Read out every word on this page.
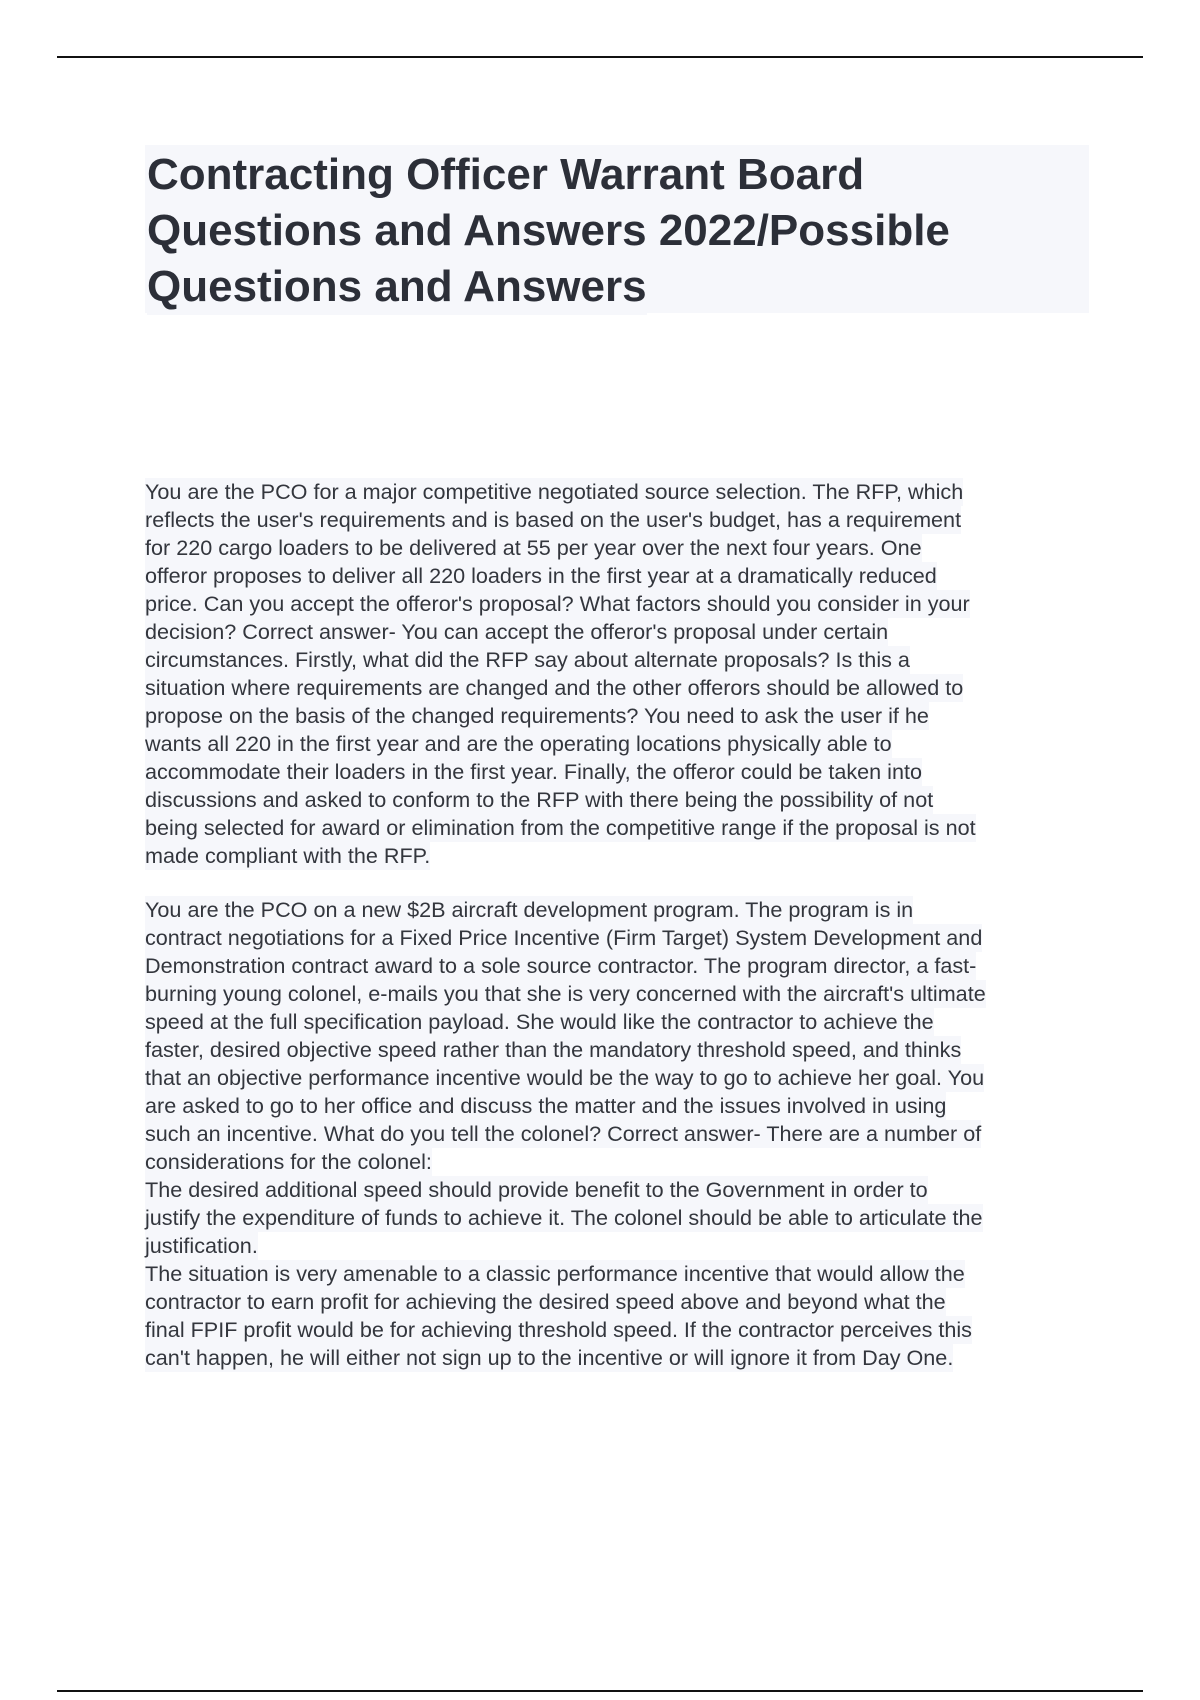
Contracting Officer Warrant Board
Questions and Answers 2022/Possible
Questions and Answers
You are the PCO for a major competitive negotiated source selection. The RFP, which
reflects the user's requirements and is based on the user's budget, has a requirement
for 220 cargo loaders to be delivered at 55 per year over the next four years. One
offeror proposes to deliver all 220 loaders in the first year at a dramatically reduced
price. Can you accept the offeror's proposal? What factors should you consider in your
decision? Correct answer- You can accept the offeror's proposal under certain
circumstances. Firstly, what did the RFP say about alternate proposals? Is this a
situation where requirements are changed and the other offerors should be allowed to
propose on the basis of the changed requirements? You need to ask the user if he
wants all 220 in the first year and are the operating locations physically able to
accommodate their loaders in the first year. Finally, the offeror could be taken into
discussions and asked to conform to the RFP with there being the possibility of not
being selected for award or elimination from the competitive range if the proposal is not
made compliant with the RFP.
You are the PCO on a new $2B aircraft development program. The program is in
contract negotiations for a Fixed Price Incentive (Firm Target) System Development and
Demonstration contract award to a sole source contractor. The program director, a fast-
burning young colonel, e-mails you that she is very concerned with the aircraft's ultimate
speed at the full specification payload. She would like the contractor to achieve the
faster, desired objective speed rather than the mandatory threshold speed, and thinks
that an objective performance incentive would be the way to go to achieve her goal. You
are asked to go to her office and discuss the matter and the issues involved in using
such an incentive. What do you tell the colonel? Correct answer- There are a number of
considerations for the colonel:
The desired additional speed should provide benefit to the Government in order to
justify the expenditure of funds to achieve it. The colonel should be able to articulate the
justification.
The situation is very amenable to a classic performance incentive that would allow the
contractor to earn profit for achieving the desired speed above and beyond what the
final FPIF profit would be for achieving threshold speed. If the contractor perceives this
can't happen, he will either not sign up to the incentive or will ignore it from Day One.
